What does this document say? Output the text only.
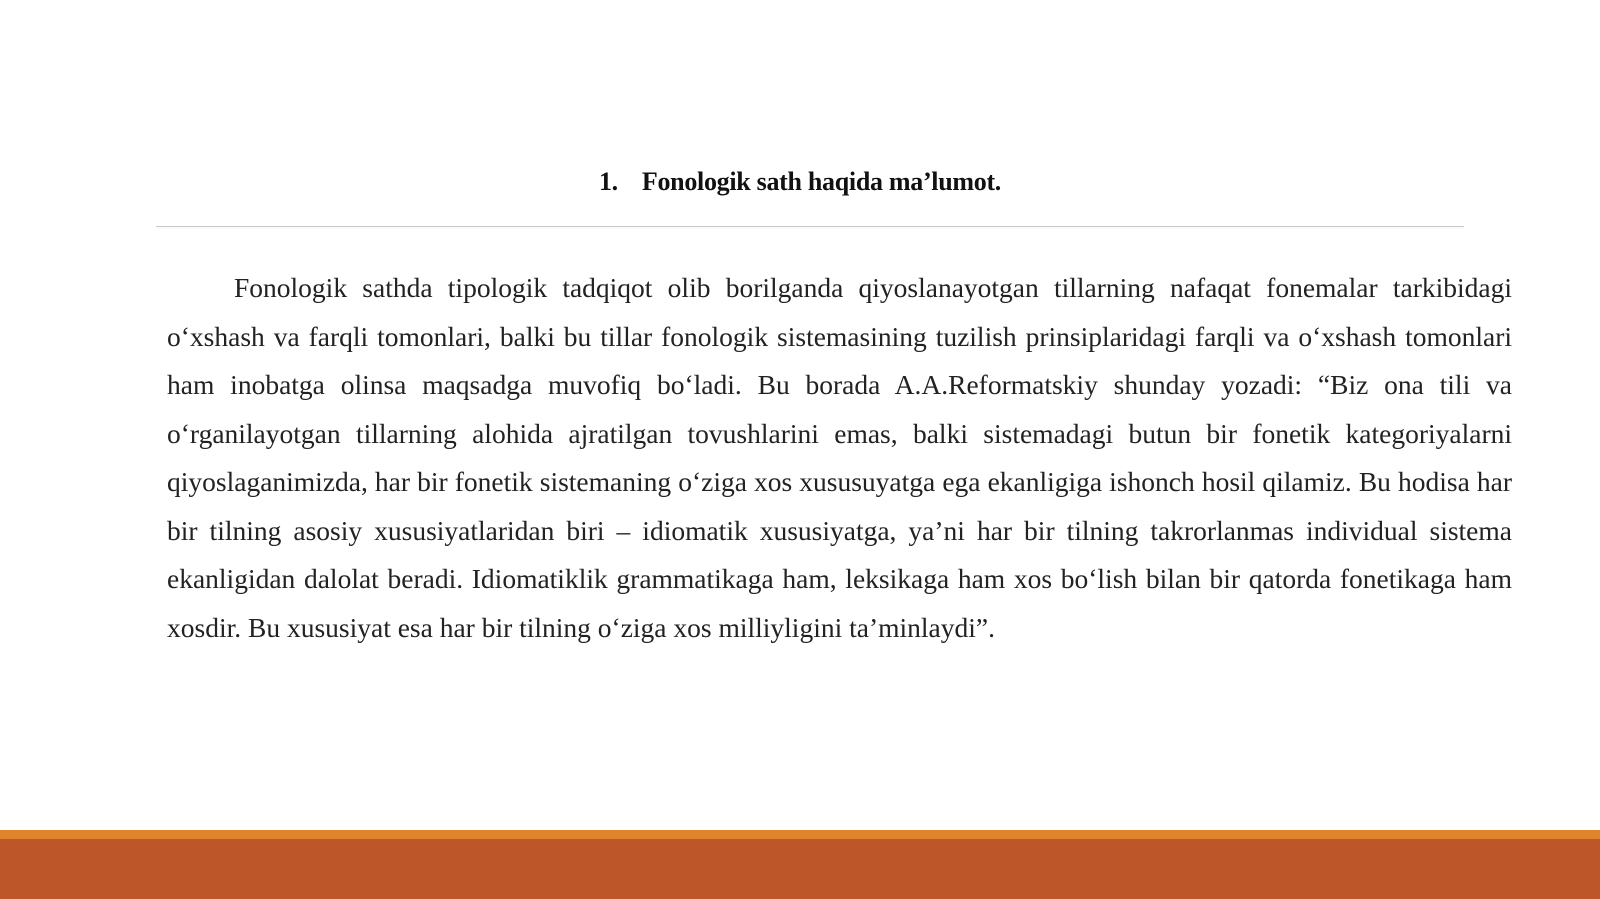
1. Fonologik sath haqida ma’lumot.

Fonologik sathda tipologik tadqiqot olib borilganda qiyoslanayotgan tillarning nafaqat fonemalar tarkibidagi o‘xshash va farqli tomonlari, balki bu tillar fonologik sistemasining tuzilish prinsiplaridagi farqli va o‘xshash tomonlari ham inobatga olinsa maqsadga muvofiq bo‘ladi. Bu borada A.A.Reformatskiy shunday yozadi: “Biz ona tili va o‘rganilayotgan tillarning alohida ajratilgan tovushlarini emas, balki sistemadagi butun bir fonetik kategoriyalarni qiyoslaganimizda, har bir fonetik sistemaning o‘ziga xos xususuyatga ega ekanligiga ishonch hosil qilamiz. Bu hodisa har bir tilning asosiy xususiyatlaridan biri – idiomatik xususiyatga, ya’ni har bir tilning takrorlanmas individual sistema ekanligidan dalolat beradi. Idiomatiklik grammatikaga ham, leksikaga ham xos bo‘lish bilan bir qatorda fonetikaga ham xosdir. Bu xususiyat esa har bir tilning o‘ziga xos milliyligini ta’minlaydi”.
